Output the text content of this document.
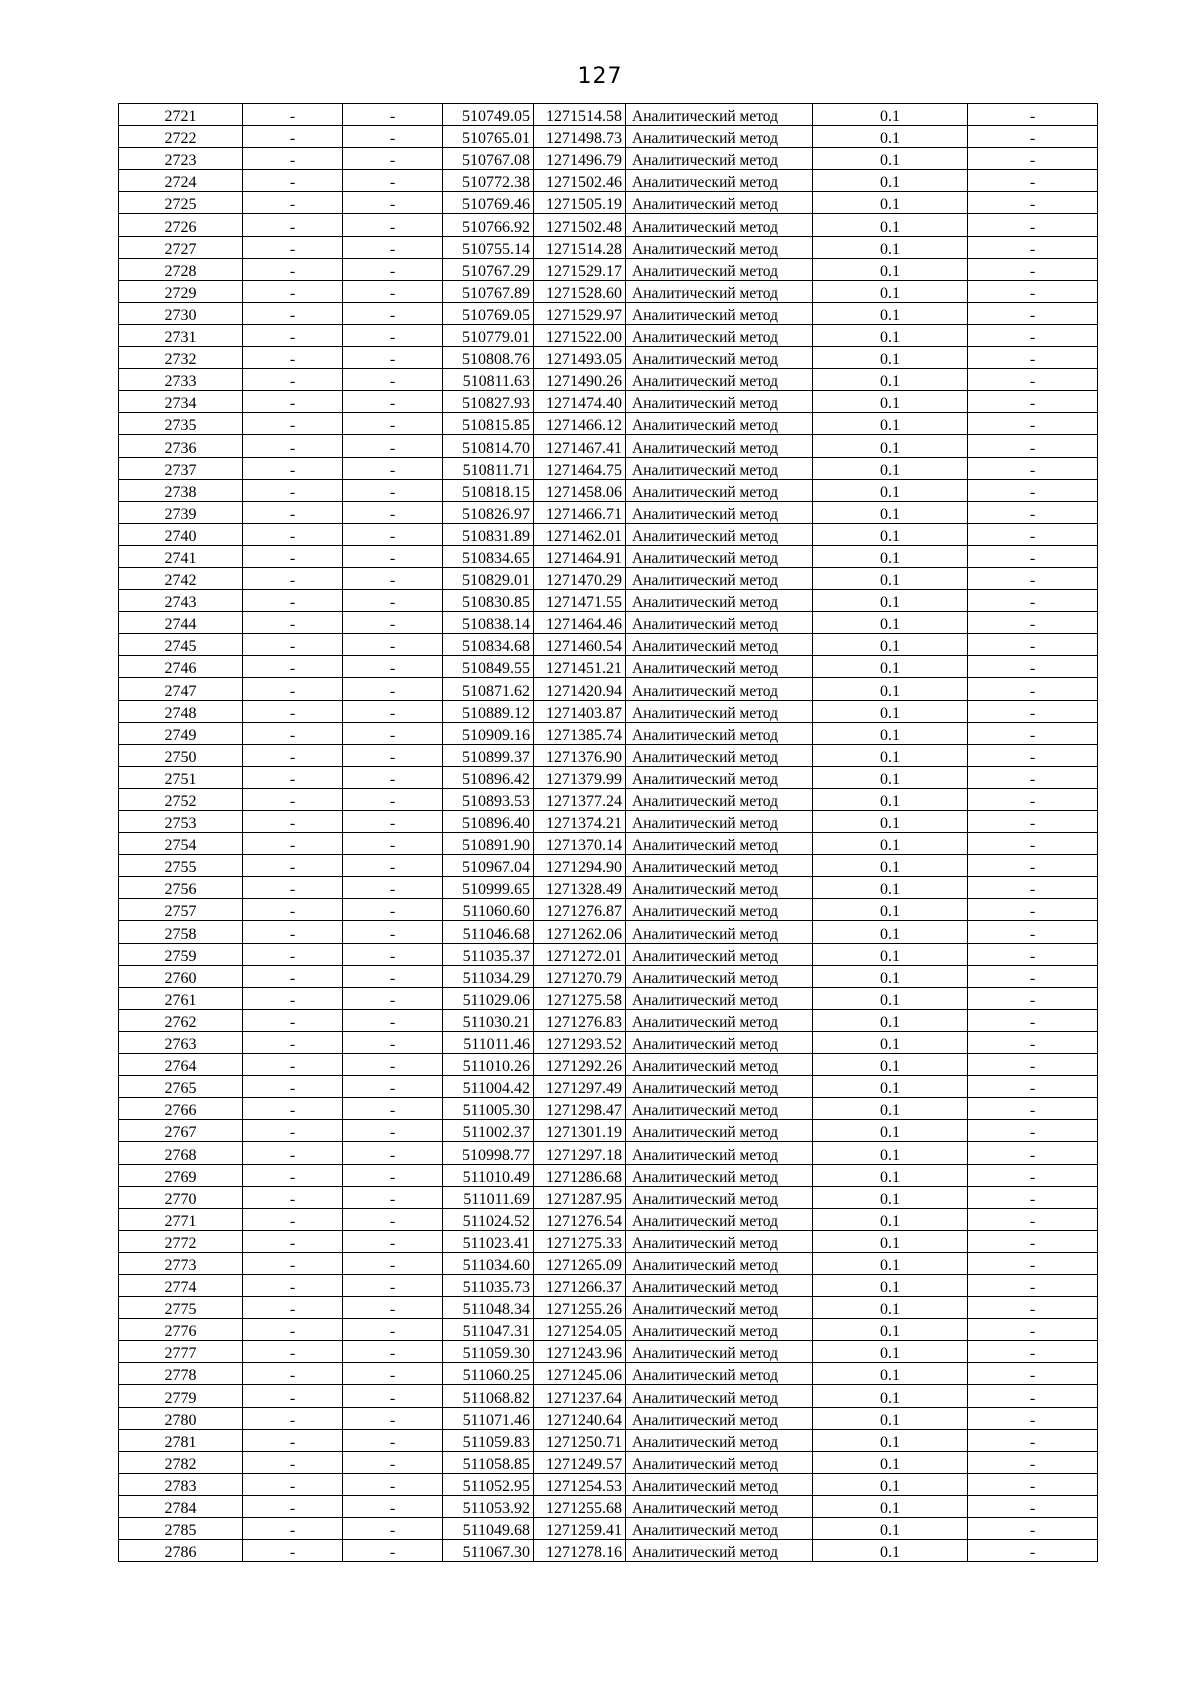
127
2721	-	-	510749.05	1271514.58	Аналитический метод	0.1	-
2722	-	-	510765.01	1271498.73	Аналитический метод	0.1	-
2723	-	-	510767.08	1271496.79	Аналитический метод	0.1	-
2724	-	-	510772.38	1271502.46	Аналитический метод	0.1	-
2725	-	-	510769.46	1271505.19	Аналитический метод	0.1	-
2726	-	-	510766.92	1271502.48	Аналитический метод	0.1	-
2727	-	-	510755.14	1271514.28	Аналитический метод	0.1	-
2728	-	-	510767.29	1271529.17	Аналитический метод	0.1	-
2729	-	-	510767.89	1271528.60	Аналитический метод	0.1	-
2730	-	-	510769.05	1271529.97	Аналитический метод	0.1	-
2731	-	-	510779.01	1271522.00	Аналитический метод	0.1	-
2732	-	-	510808.76	1271493.05	Аналитический метод	0.1	-
2733	-	-	510811.63	1271490.26	Аналитический метод	0.1	-
2734	-	-	510827.93	1271474.40	Аналитический метод	0.1	-
2735	-	-	510815.85	1271466.12	Аналитический метод	0.1	-
2736	-	-	510814.70	1271467.41	Аналитический метод	0.1	-
2737	-	-	510811.71	1271464.75	Аналитический метод	0.1	-
2738	-	-	510818.15	1271458.06	Аналитический метод	0.1	-
2739	-	-	510826.97	1271466.71	Аналитический метод	0.1	-
2740	-	-	510831.89	1271462.01	Аналитический метод	0.1	-
2741	-	-	510834.65	1271464.91	Аналитический метод	0.1	-
2742	-	-	510829.01	1271470.29	Аналитический метод	0.1	-
2743	-	-	510830.85	1271471.55	Аналитический метод	0.1	-
2744	-	-	510838.14	1271464.46	Аналитический метод	0.1	-
2745	-	-	510834.68	1271460.54	Аналитический метод	0.1	-
2746	-	-	510849.55	1271451.21	Аналитический метод	0.1	-
2747	-	-	510871.62	1271420.94	Аналитический метод	0.1	-
2748	-	-	510889.12	1271403.87	Аналитический метод	0.1	-
2749	-	-	510909.16	1271385.74	Аналитический метод	0.1	-
2750	-	-	510899.37	1271376.90	Аналитический метод	0.1	-
2751	-	-	510896.42	1271379.99	Аналитический метод	0.1	-
2752	-	-	510893.53	1271377.24	Аналитический метод	0.1	-
2753	-	-	510896.40	1271374.21	Аналитический метод	0.1	-
2754	-	-	510891.90	1271370.14	Аналитический метод	0.1	-
2755	-	-	510967.04	1271294.90	Аналитический метод	0.1	-
2756	-	-	510999.65	1271328.49	Аналитический метод	0.1	-
2757	-	-	511060.60	1271276.87	Аналитический метод	0.1	-
2758	-	-	511046.68	1271262.06	Аналитический метод	0.1	-
2759	-	-	511035.37	1271272.01	Аналитический метод	0.1	-
2760	-	-	511034.29	1271270.79	Аналитический метод	0.1	-
2761	-	-	511029.06	1271275.58	Аналитический метод	0.1	-
2762	-	-	511030.21	1271276.83	Аналитический метод	0.1	-
2763	-	-	511011.46	1271293.52	Аналитический метод	0.1	-
2764	-	-	511010.26	1271292.26	Аналитический метод	0.1	-
2765	-	-	511004.42	1271297.49	Аналитический метод	0.1	-
2766	-	-	511005.30	1271298.47	Аналитический метод	0.1	-
2767	-	-	511002.37	1271301.19	Аналитический метод	0.1	-
2768	-	-	510998.77	1271297.18	Аналитический метод	0.1	-
2769	-	-	511010.49	1271286.68	Аналитический метод	0.1	-
2770	-	-	511011.69	1271287.95	Аналитический метод	0.1	-
2771	-	-	511024.52	1271276.54	Аналитический метод	0.1	-
2772	-	-	511023.41	1271275.33	Аналитический метод	0.1	-
2773	-	-	511034.60	1271265.09	Аналитический метод	0.1	-
2774	-	-	511035.73	1271266.37	Аналитический метод	0.1	-
2775	-	-	511048.34	1271255.26	Аналитический метод	0.1	-
2776	-	-	511047.31	1271254.05	Аналитический метод	0.1	-
2777	-	-	511059.30	1271243.96	Аналитический метод	0.1	-
2778	-	-	511060.25	1271245.06	Аналитический метод	0.1	-
2779	-	-	511068.82	1271237.64	Аналитический метод	0.1	-
2780	-	-	511071.46	1271240.64	Аналитический метод	0.1	-
2781	-	-	511059.83	1271250.71	Аналитический метод	0.1	-
2782	-	-	511058.85	1271249.57	Аналитический метод	0.1	-
2783	-	-	511052.95	1271254.53	Аналитический метод	0.1	-
2784	-	-	511053.92	1271255.68	Аналитический метод	0.1	-
2785	-	-	511049.68	1271259.41	Аналитический метод	0.1	-
2786	-	-	511067.30	1271278.16	Аналитический метод	0.1	-
